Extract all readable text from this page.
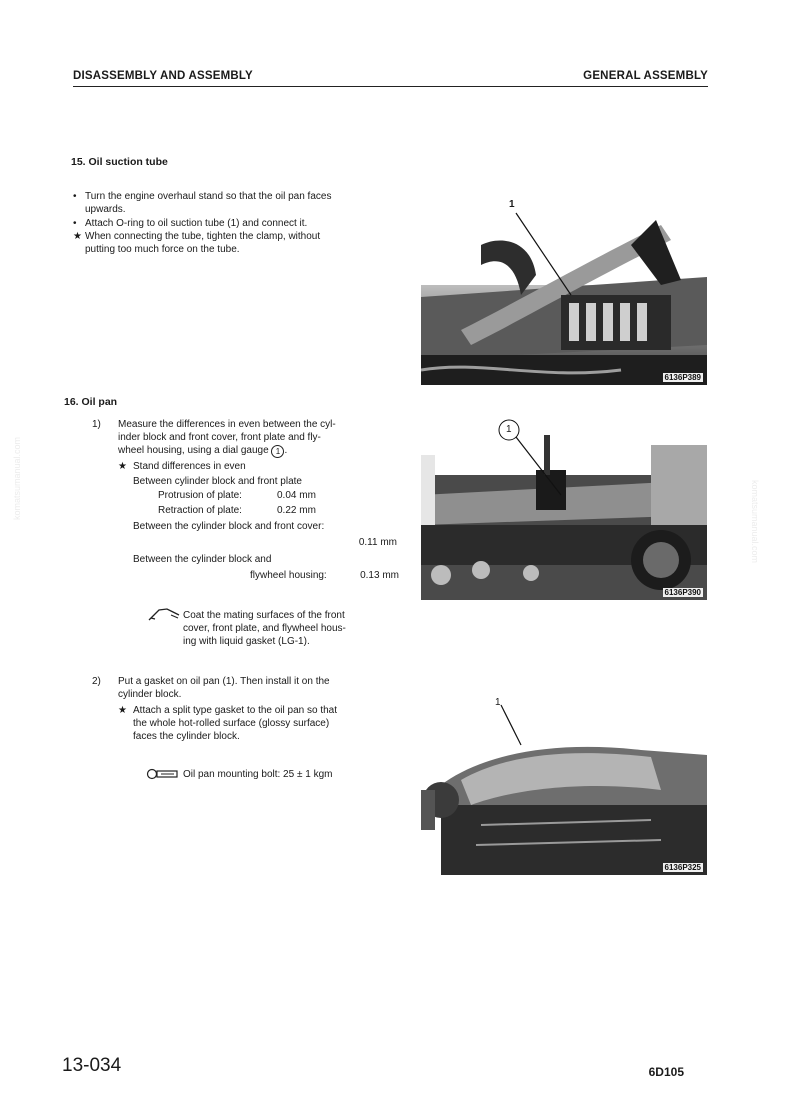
DISASSEMBLY AND ASSEMBLY	GENERAL ASSEMBLY
komatsumanual.com
komatsumanual.com
15. Oil suction tube
• Turn the engine overhaul stand so that the oil pan faces
upwards.
• Attach O-ring to oil suction tube (1) and connect it.
★ When connecting the tube, tighten the clamp, without
putting too much force on the tube.
1
6136P389
16. Oil pan
1) Measure the differences in even between the cyl-
inder block and front cover, front plate and fly-
wheel housing, using a dial gauge 1 .
★ Stand differences in even
Between cylinder block and front plate
Protrusion of plate:	0.04 mm
Retraction of plate:	0.22 mm
Between the cylinder block and front cover:
0.11 mm
Between the cylinder block and
flywheel housing:	0.13 mm
Coat the mating surfaces of the front
cover, front plate, and flywheel hous-
ing with liquid gasket (LG-1).
1
6136P390
2) Put a gasket on oil pan (1). Then install it on the
cylinder block.
★ Attach a split type gasket to the oil pan so that
the whole hot-rolled surface (glossy surface)
faces the cylinder block.
Oil pan mounting bolt: 25 ± 1 kgm
1
6136P325
13-034	6D105
